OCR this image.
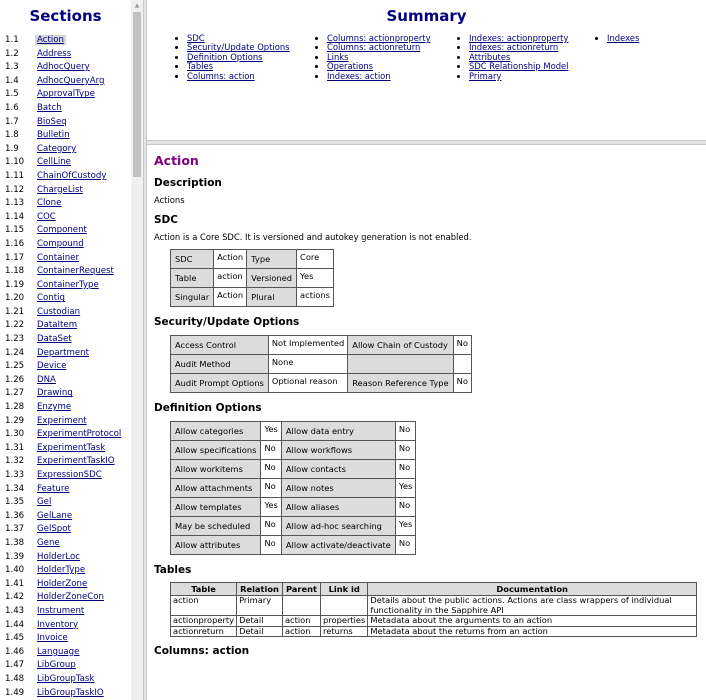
Sections
1.1 Action
1.2 Address
1.3 AdhocQuery
1.4 AdhocQueryArg
1.5 ApprovalType
1.6 Batch
1.7 BioSeq
1.8 Bulletin
1.9 Category
1.10 CellLine
1.11 ChainOfCustody
1.12 ChargeList
1.13 Clone
1.14 COC
1.15 Component
1.16 Compound
1.17 Container
1.18 ContainerRequest
1.19 ContainerType
1.20 Contig
1.21 Custodian
1.22 DataItem
1.23 DataSet
1.24 Department
1.25 Device
1.26 DNA
1.27 Drawing
1.28 Enzyme
1.29 Experiment
1.30 ExperimentProtocol
1.31 ExperimentTask
1.32 ExperimentTaskIO
1.33 ExpressionSDC
1.34 Feature
1.35 Gel
1.36 GelLane
1.37 GelSpot
1.38 Gene
1.39 HolderLoc
1.40 HolderType
1.41 HolderZone
1.42 HolderZoneCon
1.43 Instrument
1.44 Inventory
1.45 Invoice
1.46 Language
1.47 LibGroup
1.48 LibGroupTask
1.49 LibGroupTaskIO
▲
Summary
• SDC
• Security/Update Options
• Definition Options
• Tables
• Columns: action
• Columns: actionproperty
• Columns: actionreturn
• Links
• Operations
• Indexes: action
• Indexes: actionproperty
• Indexes: actionreturn
• Attributes
• SDC Relationship Model
• Primary
• Indexes
Action
Description

Actions

SDC

Action is a Core SDC. It is versioned and autokey generation is not enabled.

SDC	Action	Type	Core
Table	action	Versioned	Yes
Singular	Action	Plural	actions
Security/Update Options
Access Control	Not Implemented	Allow Chain of Custody	No
Audit Method	None		
Audit Prompt Options	Optional reason	Reason Reference Type	No
Definition Options
Allow categories	Yes	Allow data entry	No
Allow specifications	No	Allow workflows	No
Allow workitems	No	Allow contacts	No
Allow attachments	No	Allow notes	Yes
Allow templates	Yes	Allow aliases	No
May be scheduled	No	Allow ad-hoc searching	Yes
Allow attributes	No	Allow activate/deactivate	No
Tables
Table	Relation	Parent	Link id	Documentation
action	Primary			Details about the public actions. Actions are class wrappers of individual functionality in the Sapphire API
actionproperty	Detail	action	properties	Metadata about the arguments to an action
actionreturn	Detail	action	returns	Metadata about the returns from an action
Columns: action
